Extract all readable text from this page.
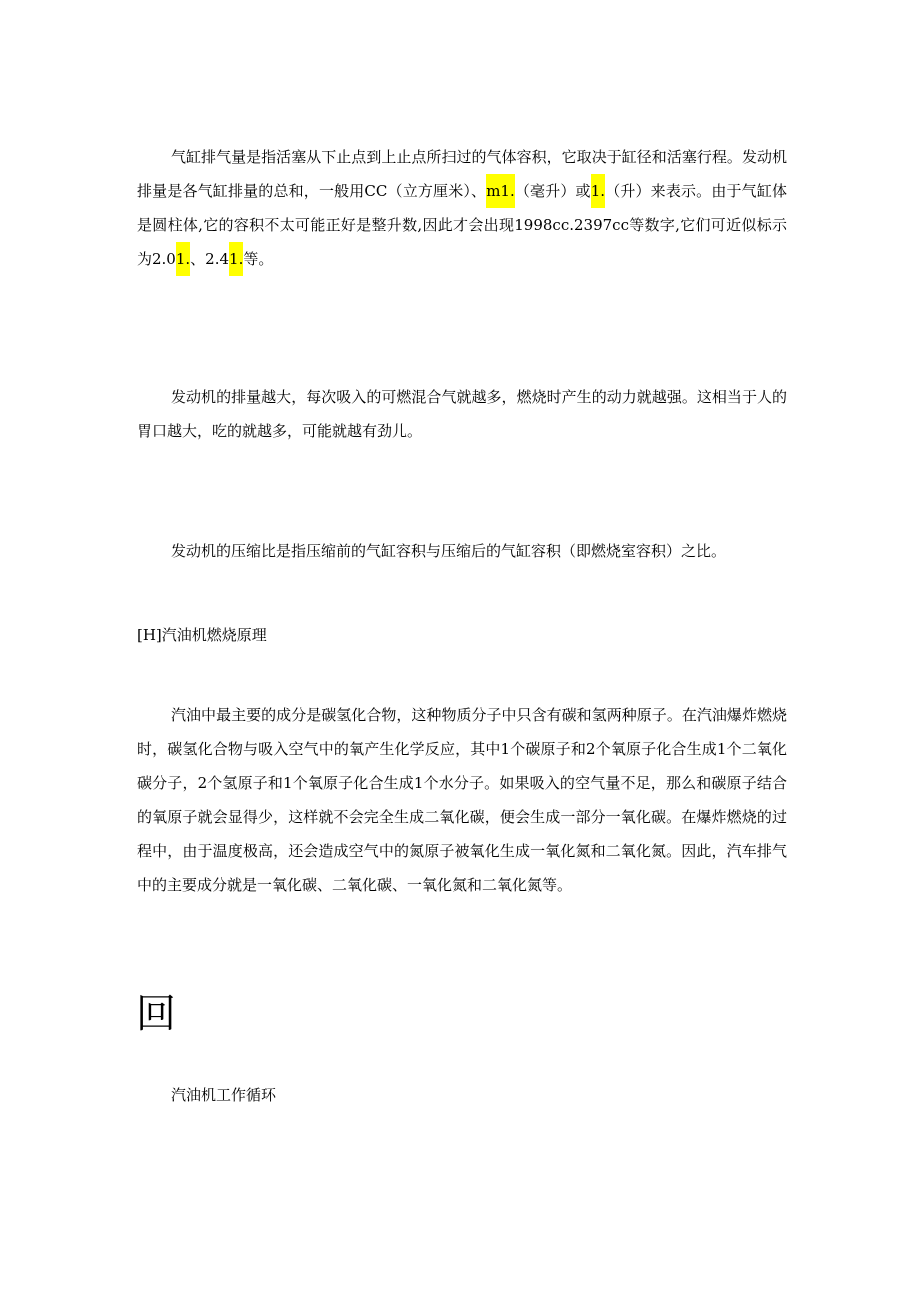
气缸排气量是指活塞从下止点到上止点所扫过的气体容积，它取决于缸径和活塞行程。发动机排量是各气缸排量的总和，一般用CC（立方厘米）、m1.（毫升）或1.（升）来表示。由于气缸体是圆柱体,它的容积不太可能正好是整升数,因此才会出现1998cc.2397cc等数字,它们可近似标示为2.01.、2.41.等。

发动机的排量越大，每次吸入的可燃混合气就越多，燃烧时产生的动力就越强。这相当于人的胃口越大，吃的就越多，可能就越有劲儿。

发动机的压缩比是指压缩前的气缸容积与压缩后的气缸容积（即燃烧室容积）之比。

[H]汽油机燃烧原理

汽油中最主要的成分是碳氢化合物，这种物质分子中只含有碳和氢两种原子。在汽油爆炸燃烧时，碳氢化合物与吸入空气中的氧产生化学反应，其中1个碳原子和2个氧原子化合生成1个二氧化碳分子，2个氢原子和1个氧原子化合生成1个水分子。如果吸入的空气量不足，那么和碳原子结合的氧原子就会显得少，这样就不会完全生成二氧化碳，便会生成一部分一氧化碳。在爆炸燃烧的过程中，由于温度极高，还会造成空气中的氮原子被氧化生成一氧化氮和二氧化氮。因此，汽车排气中的主要成分就是一氧化碳、二氧化碳、一氧化氮和二氧化氮等。

回

汽油机工作循环
